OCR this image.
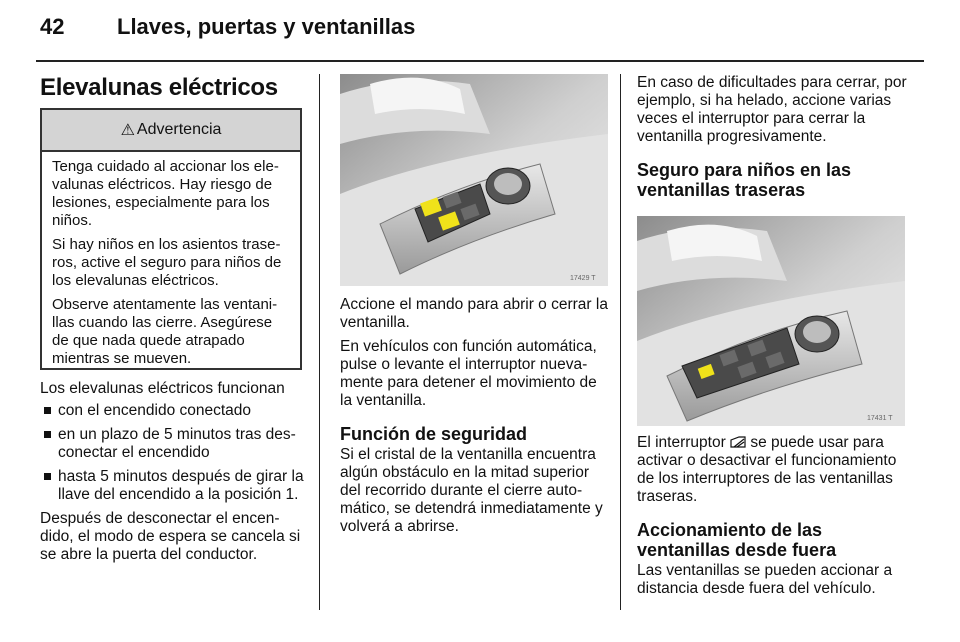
42 Llaves, puertas y ventanillas
Elevalunas eléctricos
⚠ Advertencia

Tenga cuidado al accionar los elevalunas eléctricos. Hay riesgo de lesiones, especialmente para los niños.

Si hay niños en los asientos traseros, active el seguro para niños de los elevalunas eléctricos.

Observe atentamente las ventanillas cuando las cierre. Asegúrese de que nada quede atrapado mientras se mueven.

Los elevalunas eléctricos funcionan

con el encendido conectado
en un plazo de 5 minutos tras desconectar el encendido
hasta 5 minutos después de girar la llave del encendido a la posición 1.

Después de desconectar el encendido, el modo de espera se cancela si se abre la puerta del conductor.

17429 T

Accione el mando para abrir o cerrar la ventanilla.

En vehículos con función automática, pulse o levante el interruptor nuevamente para detener el movimiento de la ventanilla.

Función de seguridad

Si el cristal de la ventanilla encuentra algún obstáculo en la mitad superior del recorrido durante el cierre automático, se detendrá inmediatamente y volverá a abrirse.

En caso de dificultades para cerrar, por ejemplo, si ha helado, accione varias veces el interruptor para cerrar la ventanilla progresivamente.

Seguro para niños en las ventanillas traseras
17431 T

El interruptor se puede usar para activar o desactivar el funcionamiento de los interruptores de las ventanillas traseras.

Accionamiento de las ventanillas desde fuera

Las ventanillas se pueden accionar a distancia desde fuera del vehículo.
